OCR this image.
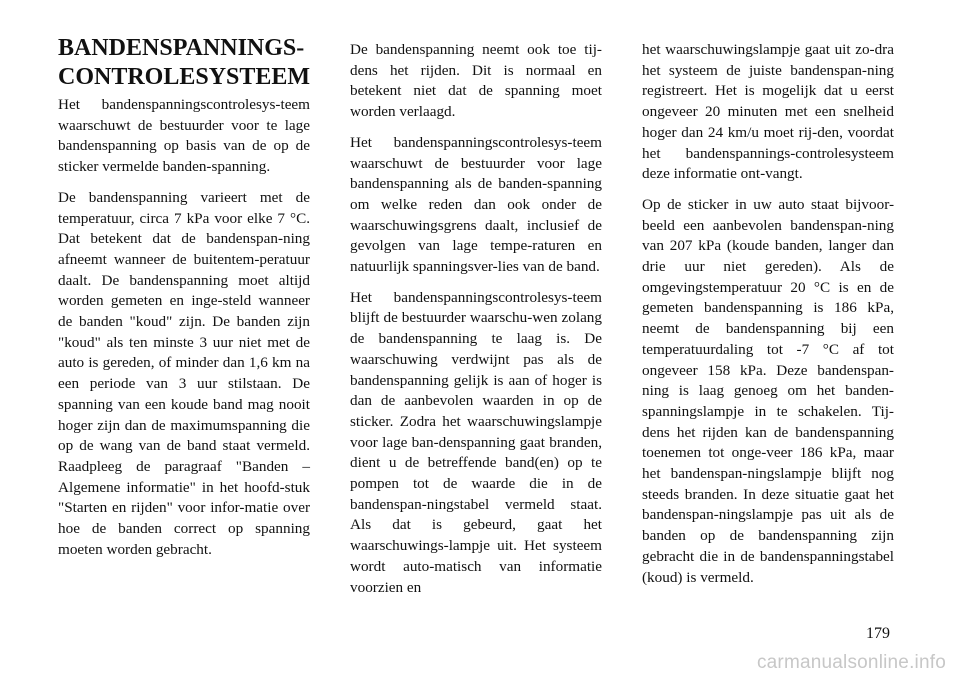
BANDENSPANNINGS-
CONTROLESYSTEEM

Het bandenspanningscontrolesys-teem waarschuwt de bestuurder voor te lage bandenspanning op basis van de op de sticker vermelde banden-spanning.

De bandenspanning varieert met de temperatuur, circa 7 kPa voor elke 7 °C. Dat betekent dat de bandenspan-ning afneemt wanneer de buitentem-peratuur daalt. De bandenspanning moet altijd worden gemeten en inge-steld wanneer de banden "koud" zijn. De banden zijn "koud" als ten minste 3 uur niet met de auto is gereden, of minder dan 1,6 km na een periode van 3 uur stilstaan. De spanning van een koude band mag nooit hoger zijn dan de maximumspanning die op de wang van de band staat vermeld. Raadpleeg de paragraaf "Banden – Algemene informatie" in het hoofd-stuk "Starten en rijden" voor infor-matie over hoe de banden correct op spanning moeten worden gebracht.

De bandenspanning neemt ook toe tij-dens het rijden. Dit is normaal en betekent niet dat de spanning moet worden verlaagd.

Het bandenspanningscontrolesys-teem waarschuwt de bestuurder voor lage bandenspanning als de banden-spanning om welke reden dan ook onder de waarschuwingsgrens daalt, inclusief de gevolgen van lage tempe-raturen en natuurlijk spanningsver-lies van de band.

Het bandenspanningscontrolesys-teem blijft de bestuurder waarschu-wen zolang de bandenspanning te laag is. De waarschuwing verdwijnt pas als de bandenspanning gelijk is aan of hoger is dan de aanbevolen waarden in op de sticker. Zodra het waarschuwingslampje voor lage ban-denspanning gaat branden, dient u de betreffende band(en) op te pompen tot de waarde die in de bandenspan-ningstabel vermeld staat. Als dat is gebeurd, gaat het waarschuwings-lampje uit. Het systeem wordt auto-matisch van informatie voorzien en

het waarschuwingslampje gaat uit zo-dra het systeem de juiste bandenspan-ning registreert. Het is mogelijk dat u eerst ongeveer 20 minuten met een snelheid hoger dan 24 km/u moet rij-den, voordat het bandenspannings-controlesysteem deze informatie ont-vangt.

Op de sticker in uw auto staat bijvoor-beeld een aanbevolen bandenspan-ning van 207 kPa (koude banden, langer dan drie uur niet gereden). Als de omgevingstemperatuur 20 °C is en de gemeten bandenspanning is 186 kPa, neemt de bandenspanning bij een temperatuurdaling tot -7 °C af tot ongeveer 158 kPa. Deze bandenspan-ning is laag genoeg om het banden-spanningslampje in te schakelen. Tij-dens het rijden kan de bandenspanning toenemen tot onge-veer 186 kPa, maar het bandenspan-ningslampje blijft nog steeds branden. In deze situatie gaat het bandenspan-ningslampje pas uit als de banden op de bandenspanning zijn gebracht die in de bandenspanningstabel (koud) is vermeld.

179
carmanualsonline.info
